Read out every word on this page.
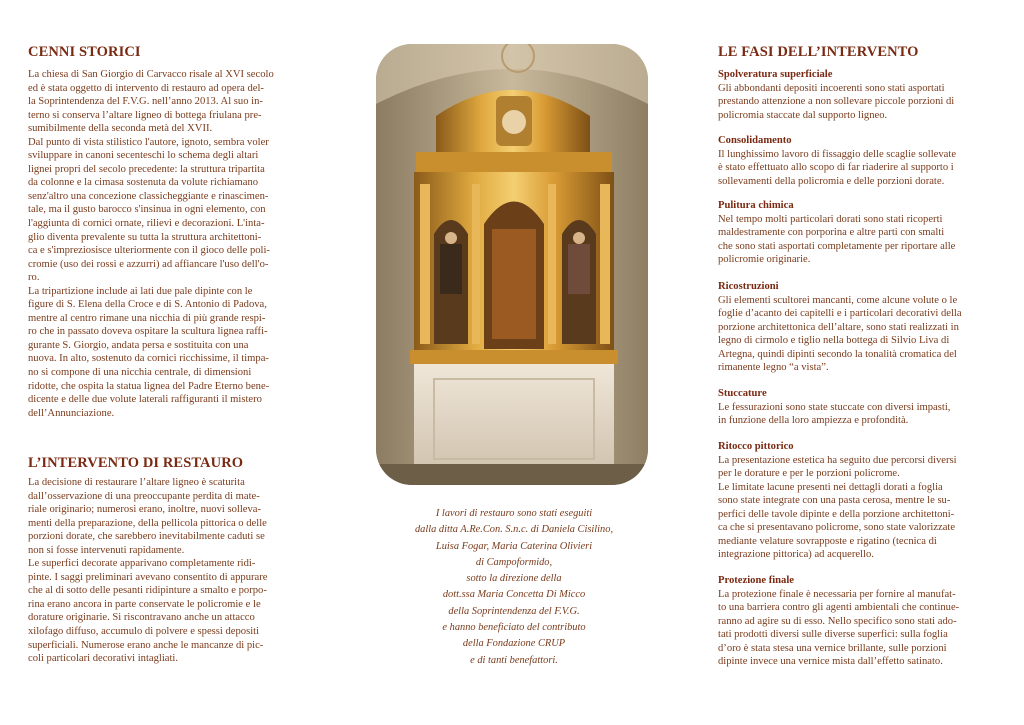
CENNI STORICI
La chiesa di San Giorgio di Carvacco risale al XVI secolo
ed è stata oggetto di intervento di restauro ad opera del-
la Soprintendenza del F.V.G. nell’anno 2013. Al suo in-
terno si conserva l’altare ligneo di bottega friulana pre-
sumibilmente della seconda metà del XVII.
Dal punto di vista stilistico l'autore, ignoto, sembra voler
sviluppare in canoni secenteschi lo schema degli altari
lignei propri del secolo precedente: la struttura tripartita
da colonne e la cimasa sostenuta da volute richiamano
senz'altro una concezione classicheggiante e rinascimen-
tale, ma il gusto barocco s'insinua in ogni elemento, con
l'aggiunta di cornici ornate, rilievi e decorazioni. L'inta-
glio diventa prevalente su tutta la struttura architettoni-
ca e s'impreziosisce ulteriormente con il gioco delle poli-
cromie (uso dei rossi e azzurri) ad affiancare l'uso dell'o-
ro.
La tripartizione include ai lati due pale dipinte con le
figure di S. Elena della Croce e di S. Antonio di Padova,
mentre al centro rimane una nicchia di più grande respi-
ro che in passato doveva ospitare la scultura lignea raffi-
gurante S. Giorgio, andata persa e sostituita con una
nuova. In alto, sostenuto da cornici ricchissime, il timpa-
no si compone di una nicchia centrale, di dimensioni
ridotte, che ospita la statua lignea del Padre Eterno bene-
dicente e delle due volute laterali raffiguranti il mistero
dell’Annunciazione.
L’INTERVENTO DI RESTAURO
La decisione di restaurare l’altare ligneo è scaturita
dall’osservazione di una preoccupante perdita di mate-
riale originario; numerosi erano, inoltre, nuovi solleva-
menti della preparazione, della pellicola pittorica o delle
porzioni dorate, che sarebbero inevitabilmente caduti se
non si fosse intervenuti rapidamente.
Le superfici decorate apparivano completamente ridi-
pinte. I saggi preliminari avevano consentito di appurare
che al di sotto delle pesanti ridipinture a smalto e porpo-
rina erano ancora in parte conservate le policromie e le
dorature originarie. Si riscontravano anche un attacco
xilofago diffuso, accumulo di polvere e spessi depositi
superficiali. Numerose erano anche le mancanze di pic-
coli particolari decorativi intagliati.
I lavori di restauro sono stati eseguiti
dalla ditta A.Re.Con. S.n.c. di Daniela Cisilino,
Luisa Fogar, Maria Caterina Olivieri
di Campoformido,
sotto la direzione della
dott.ssa Maria Concetta Di Micco
della Soprintendenza del F.V.G.
e hanno beneficiato del contributo
della Fondazione CRUP
e di tanti benefattori.
LE FASI DELL’INTERVENTO
Spolveratura superficiale
Gli abbondanti depositi incoerenti sono stati asportati
prestando attenzione a non sollevare piccole porzioni di
policromia staccate dal supporto ligneo.
Consolidamento
Il lunghissimo lavoro di fissaggio delle scaglie sollevate
è stato effettuato allo scopo di far riaderire al supporto i
sollevamenti della policromia e delle porzioni dorate.
Pulitura chimica
Nel tempo molti particolari dorati sono stati ricoperti
maldestramente con porporina e altre parti con smalti
che sono stati asportati completamente per riportare alle
policromie originarie.
Ricostruzioni
Gli elementi scultorei mancanti, come alcune volute o le
foglie d’acanto dei capitelli e i particolari decorativi della
porzione architettonica dell’altare, sono stati realizzati in
legno di cirmolo e tiglio nella bottega di Silvio Liva di
Artegna, quindi dipinti secondo la tonalità cromatica del
rimanente legno “a vista”.
Stuccature
Le fessurazioni sono state stuccate con diversi impasti,
in funzione della loro ampiezza e profondità.
Ritocco pittorico
La presentazione estetica ha seguito due percorsi diversi
per le dorature e per le porzioni policrome.
Le limitate lacune presenti nei dettagli dorati a foglia
sono state integrate con una pasta cerosa, mentre le su-
perfici delle tavole dipinte e della porzione architettoni-
ca che si presentavano policrome, sono state valorizzate
mediante velature sovrapposte e rigatino (tecnica di
integrazione pittorica) ad acquerello.
Protezione finale
La protezione finale è necessaria per fornire al manufat-
to una barriera contro gli agenti ambientali che continue-
ranno ad agire su di esso. Nello specifico sono stati ado-
tati prodotti diversi sulle diverse superfici: sulla foglia
d’oro è stata stesa una vernice brillante, sulle porzioni
dipinte invece una vernice mista dall’effetto satinato.
